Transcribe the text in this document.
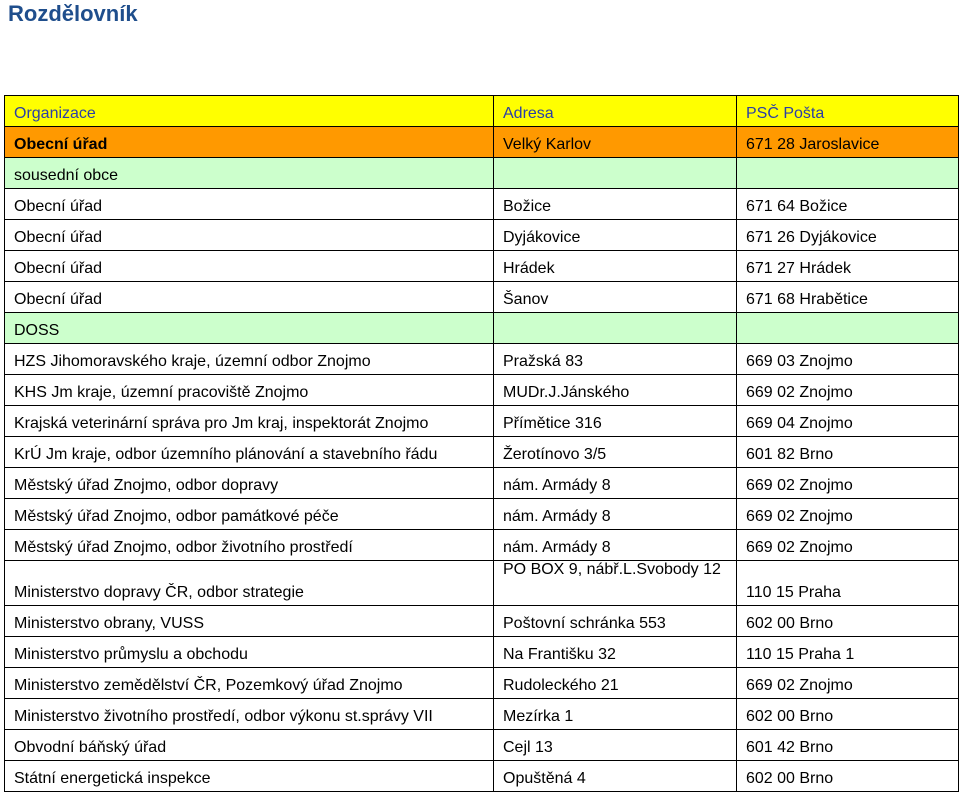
Rozdělovník
Organizace	Adresa	PSČ Pošta
Obecní úřad	Velký Karlov	671 28 Jaroslavice
sousední obce		
Obecní úřad	Božice	671 64 Božice
Obecní úřad	Dyjákovice	671 26 Dyjákovice
Obecní úřad	Hrádek	671 27 Hrádek
Obecní úřad	Šanov	671 68 Hrabětice
DOSS		
HZS Jihomoravského kraje, územní odbor Znojmo	Pražská 83	669 03 Znojmo
KHS Jm kraje, územní pracoviště Znojmo	MUDr.J.Jánského	669 02 Znojmo
Krajská veterinární správa pro Jm kraj, inspektorát Znojmo	Přímětice 316	669 04 Znojmo
KrÚ Jm kraje, odbor územního plánování a stavebního řádu	Žerotínovo 3/5	601 82 Brno
Městský úřad Znojmo, odbor dopravy	nám. Armády 8	669 02 Znojmo
Městský úřad Znojmo, odbor památkové péče	nám. Armády 8	669 02 Znojmo
Městský úřad Znojmo, odbor životního prostředí	nám. Armády 8	669 02 Znojmo
Ministerstvo dopravy ČR, odbor strategie	PO BOX 9, nábř.L.Svobody 12	110 15 Praha
Ministerstvo obrany, VUSS	Poštovní schránka 553	602 00 Brno
Ministerstvo průmyslu a obchodu	Na Františku 32	110 15 Praha 1
Ministerstvo zemědělství ČR, Pozemkový úřad Znojmo	Rudoleckého 21	669 02 Znojmo
Ministerstvo životního prostředí, odbor výkonu st.správy VII	Mezírka 1	602 00 Brno
Obvodní báňský úřad	Cejl 13	601 42 Brno
Státní energetická inspekce	Opuštěná 4	602 00 Brno
